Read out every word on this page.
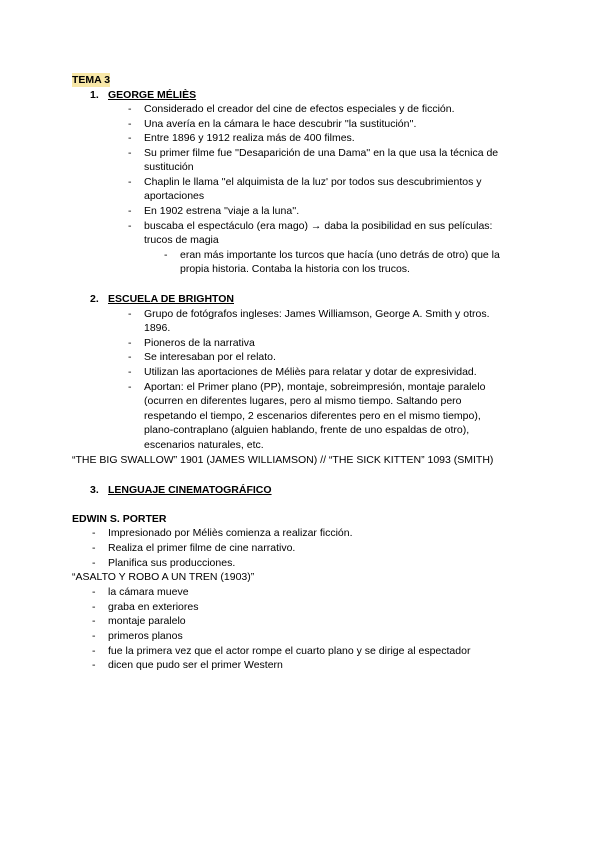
TEMA 3
1. GEORGE MÉLIÈS
- Considerado el creador del cine de efectos especiales y de ficción.
- Una avería en la cámara le hace descubrir ''la sustitución''.
- Entre 1896 y 1912 realiza más de 400 filmes.
- Su primer filme fue ''Desaparición de una Dama'' en la que usa la técnica de
sustitución
- Chaplin le llama ''el alquimista de la luz' por todos sus descubrimientos y
aportaciones
- En 1902 estrena ''viaje a la luna''.
- buscaba el espectáculo (era mago) → daba la posibilidad en sus películas:
trucos de magia
- eran más importante los turcos que hacía (uno detrás de otro) que la
propia historia. Contaba la historia con los trucos.
2. ESCUELA DE BRIGHTON
- Grupo de fotógrafos ingleses: James Williamson, George A. Smith y otros.
1896.
- Pioneros de la narrativa
- Se interesaban por el relato.
- Utilizan las aportaciones de Méliès para relatar y dotar de expresividad.
- Aportan: el Primer plano (PP), montaje, sobreimpresión, montaje paralelo
(ocurren en diferentes lugares, pero al mismo tiempo. Saltando pero
respetando el tiempo, 2 escenarios diferentes pero en el mismo tiempo),
plano-contraplano (alguien hablando, frente de uno espaldas de otro),
escenarios naturales, etc.
“THE BIG SWALLOW” 1901 (JAMES WILLIAMSON) // “THE SICK KITTEN” 1093 (SMITH)
3. LENGUAJE CINEMATOGRÁFICO
EDWIN S. PORTER
- Impresionado por Méliès comienza a realizar ficción.
- Realiza el primer filme de cine narrativo.
- Planifica sus producciones.
“ASALTO Y ROBO A UN TREN (1903)”
- la cámara mueve
- graba en exteriores
- montaje paralelo
- primeros planos
- fue la primera vez que el actor rompe el cuarto plano y se dirige al espectador
- dicen que pudo ser el primer Western
